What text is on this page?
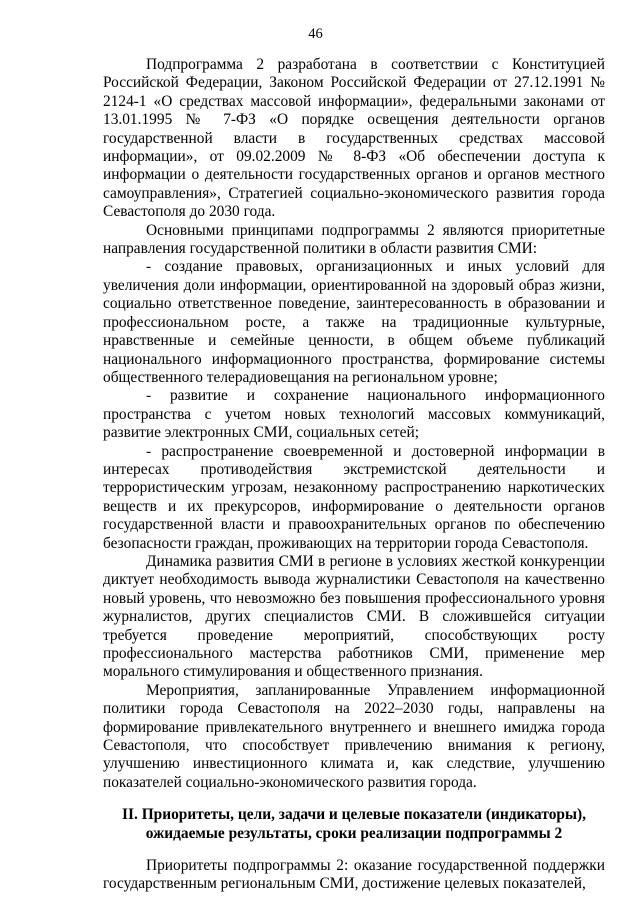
46

Подпрограмма 2 разработана в соответствии с Конституцией Российской Федерации, Законом Российской Федерации от 27.12.1991 № 2124-1 «О средствах массовой информации», федеральными законами от 13.01.1995 № 7-ФЗ «О порядке освещения деятельности органов государственной власти в государственных средствах массовой информации», от 09.02.2009 № 8-ФЗ «Об обеспечении доступа к информации о деятельности государственных органов и органов местного самоуправления», Стратегией социально-экономического развития города Севастополя до 2030 года.

Основными принципами подпрограммы 2 являются приоритетные направления государственной политики в области развития СМИ:

- создание правовых, организационных и иных условий для увеличения доли информации, ориентированной на здоровый образ жизни, социально ответственное поведение, заинтересованность в образовании и профессиональном росте, а также на традиционные культурные, нравственные и семейные ценности, в общем объеме публикаций национального информационного пространства, формирование системы общественного телерадиовещания на региональном уровне;

- развитие и сохранение национального информационного пространства с учетом новых технологий массовых коммуникаций, развитие электронных СМИ, социальных сетей;

- распространение своевременной и достоверной информации в интересах противодействия экстремистской деятельности и террористическим угрозам, незаконному распространению наркотических веществ и их прекурсоров, информирование о деятельности органов государственной власти и правоохранительных органов по обеспечению безопасности граждан, проживающих на территории города Севастополя.

Динамика развития СМИ в регионе в условиях жесткой конкуренции диктует необходимость вывода журналистики Севастополя на качественно новый уровень, что невозможно без повышения профессионального уровня журналистов, других специалистов СМИ. В сложившейся ситуации требуется проведение мероприятий, способствующих росту профессионального мастерства работников СМИ, применение мер морального стимулирования и общественного признания.

Мероприятия, запланированные Управлением информационной политики города Севастополя на 2022–2030 годы, направлены на формирование привлекательного внутреннего и внешнего имиджа города Севастополя, что способствует привлечению внимания к региону, улучшению инвестиционного климата и, как следствие, улучшению показателей социально-экономического развития города.

II. Приоритеты, цели, задачи и целевые показатели (индикаторы),
ожидаемые результаты, сроки реализации подпрограммы 2

Приоритеты подпрограммы 2: оказание государственной поддержки государственным региональным СМИ, достижение целевых показателей,
